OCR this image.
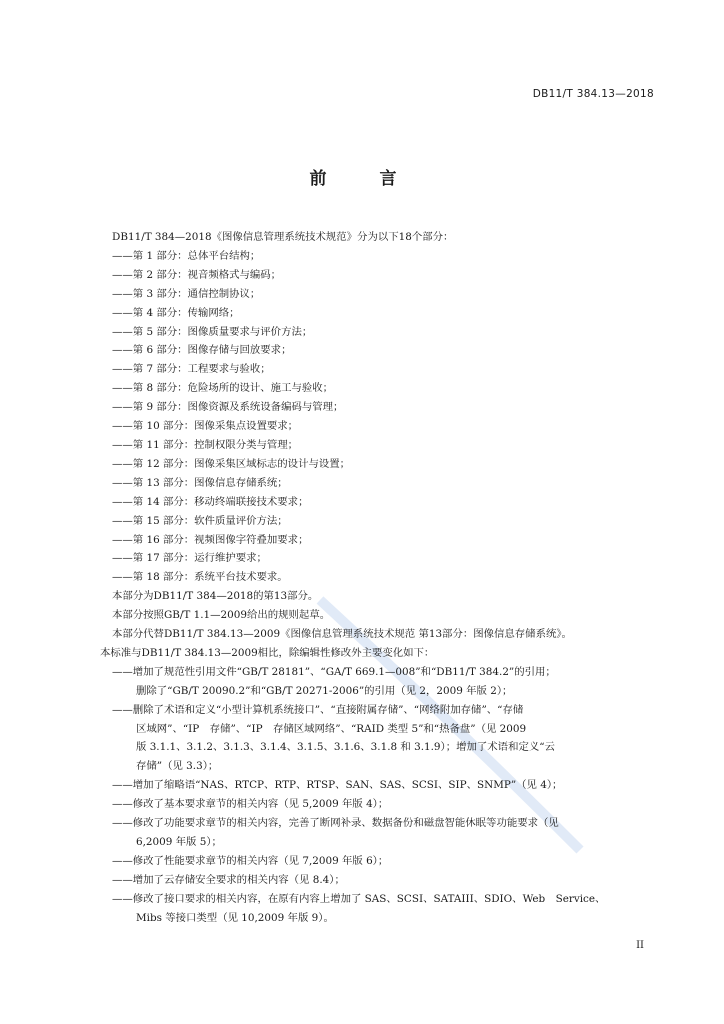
DB11/T 384.13—2018
前　言
DB11/T 384—2018《图像信息管理系统技术规范》分为以下18个部分：
——第 1 部分：总体平台结构；
——第 2 部分：视音频格式与编码；
——第 3 部分：通信控制协议；
——第 4 部分：传输网络；
——第 5 部分：图像质量要求与评价方法；
——第 6 部分：图像存储与回放要求；
——第 7 部分：工程要求与验收；
——第 8 部分：危险场所的设计、施工与验收；
——第 9 部分：图像资源及系统设备编码与管理；
——第 10 部分：图像采集点设置要求；
——第 11 部分：控制权限分类与管理；
——第 12 部分：图像采集区域标志的设计与设置；
——第 13 部分：图像信息存储系统；
——第 14 部分：移动终端联接技术要求；
——第 15 部分：软件质量评价方法；
——第 16 部分：视频图像字符叠加要求；
——第 17 部分：运行维护要求；
——第 18 部分：系统平台技术要求。
本部分为DB11/T 384—2018的第13部分。
本部分按照GB/T 1.1—2009给出的规则起草。
本部分代替DB11/T 384.13—2009《图像信息管理系统技术规范 第13部分：图像信息存储系统》。
本标准与DB11/T 384.13—2009相比，除编辑性修改外主要变化如下：
——增加了规范性引用文件“GB/T 28181”、“GA/T 669.1—008”和“DB11/T 384.2”的引用；
删除了“GB/T 20090.2”和“GB/T 20271-2006”的引用（见 2，2009 年版 2）；
——删除了术语和定义“小型计算机系统接口”、“直接附属存储”、“网络附加存储”、“存储
区域网”、“IP　存储”、“IP　存储区域网络”、“RAID 类型 5”和“热备盘”（见 2009
版 3.1.1、3.1.2、3.1.3、3.1.4、3.1.5、3.1.6、3.1.8 和 3.1.9）；增加了术语和定义“云
存储”（见 3.3）；
——增加了缩略语“NAS、RTCP、RTP、RTSP、SAN、SAS、SCSI、SIP、SNMP”（见 4）；
——修改了基本要求章节的相关内容（见 5,2009 年版 4）；
——修改了功能要求章节的相关内容，完善了断网补录、数据备份和磁盘智能休眠等功能要求（见
6,2009 年版 5）；
——修改了性能要求章节的相关内容（见 7,2009 年版 6）；
——增加了云存储安全要求的相关内容（见 8.4）；
——修改了接口要求的相关内容，在原有内容上增加了 SAS、SCSI、SATAIII、SDIO、Web　Service、
Mibs 等接口类型（见 10,2009 年版 9）。
II
